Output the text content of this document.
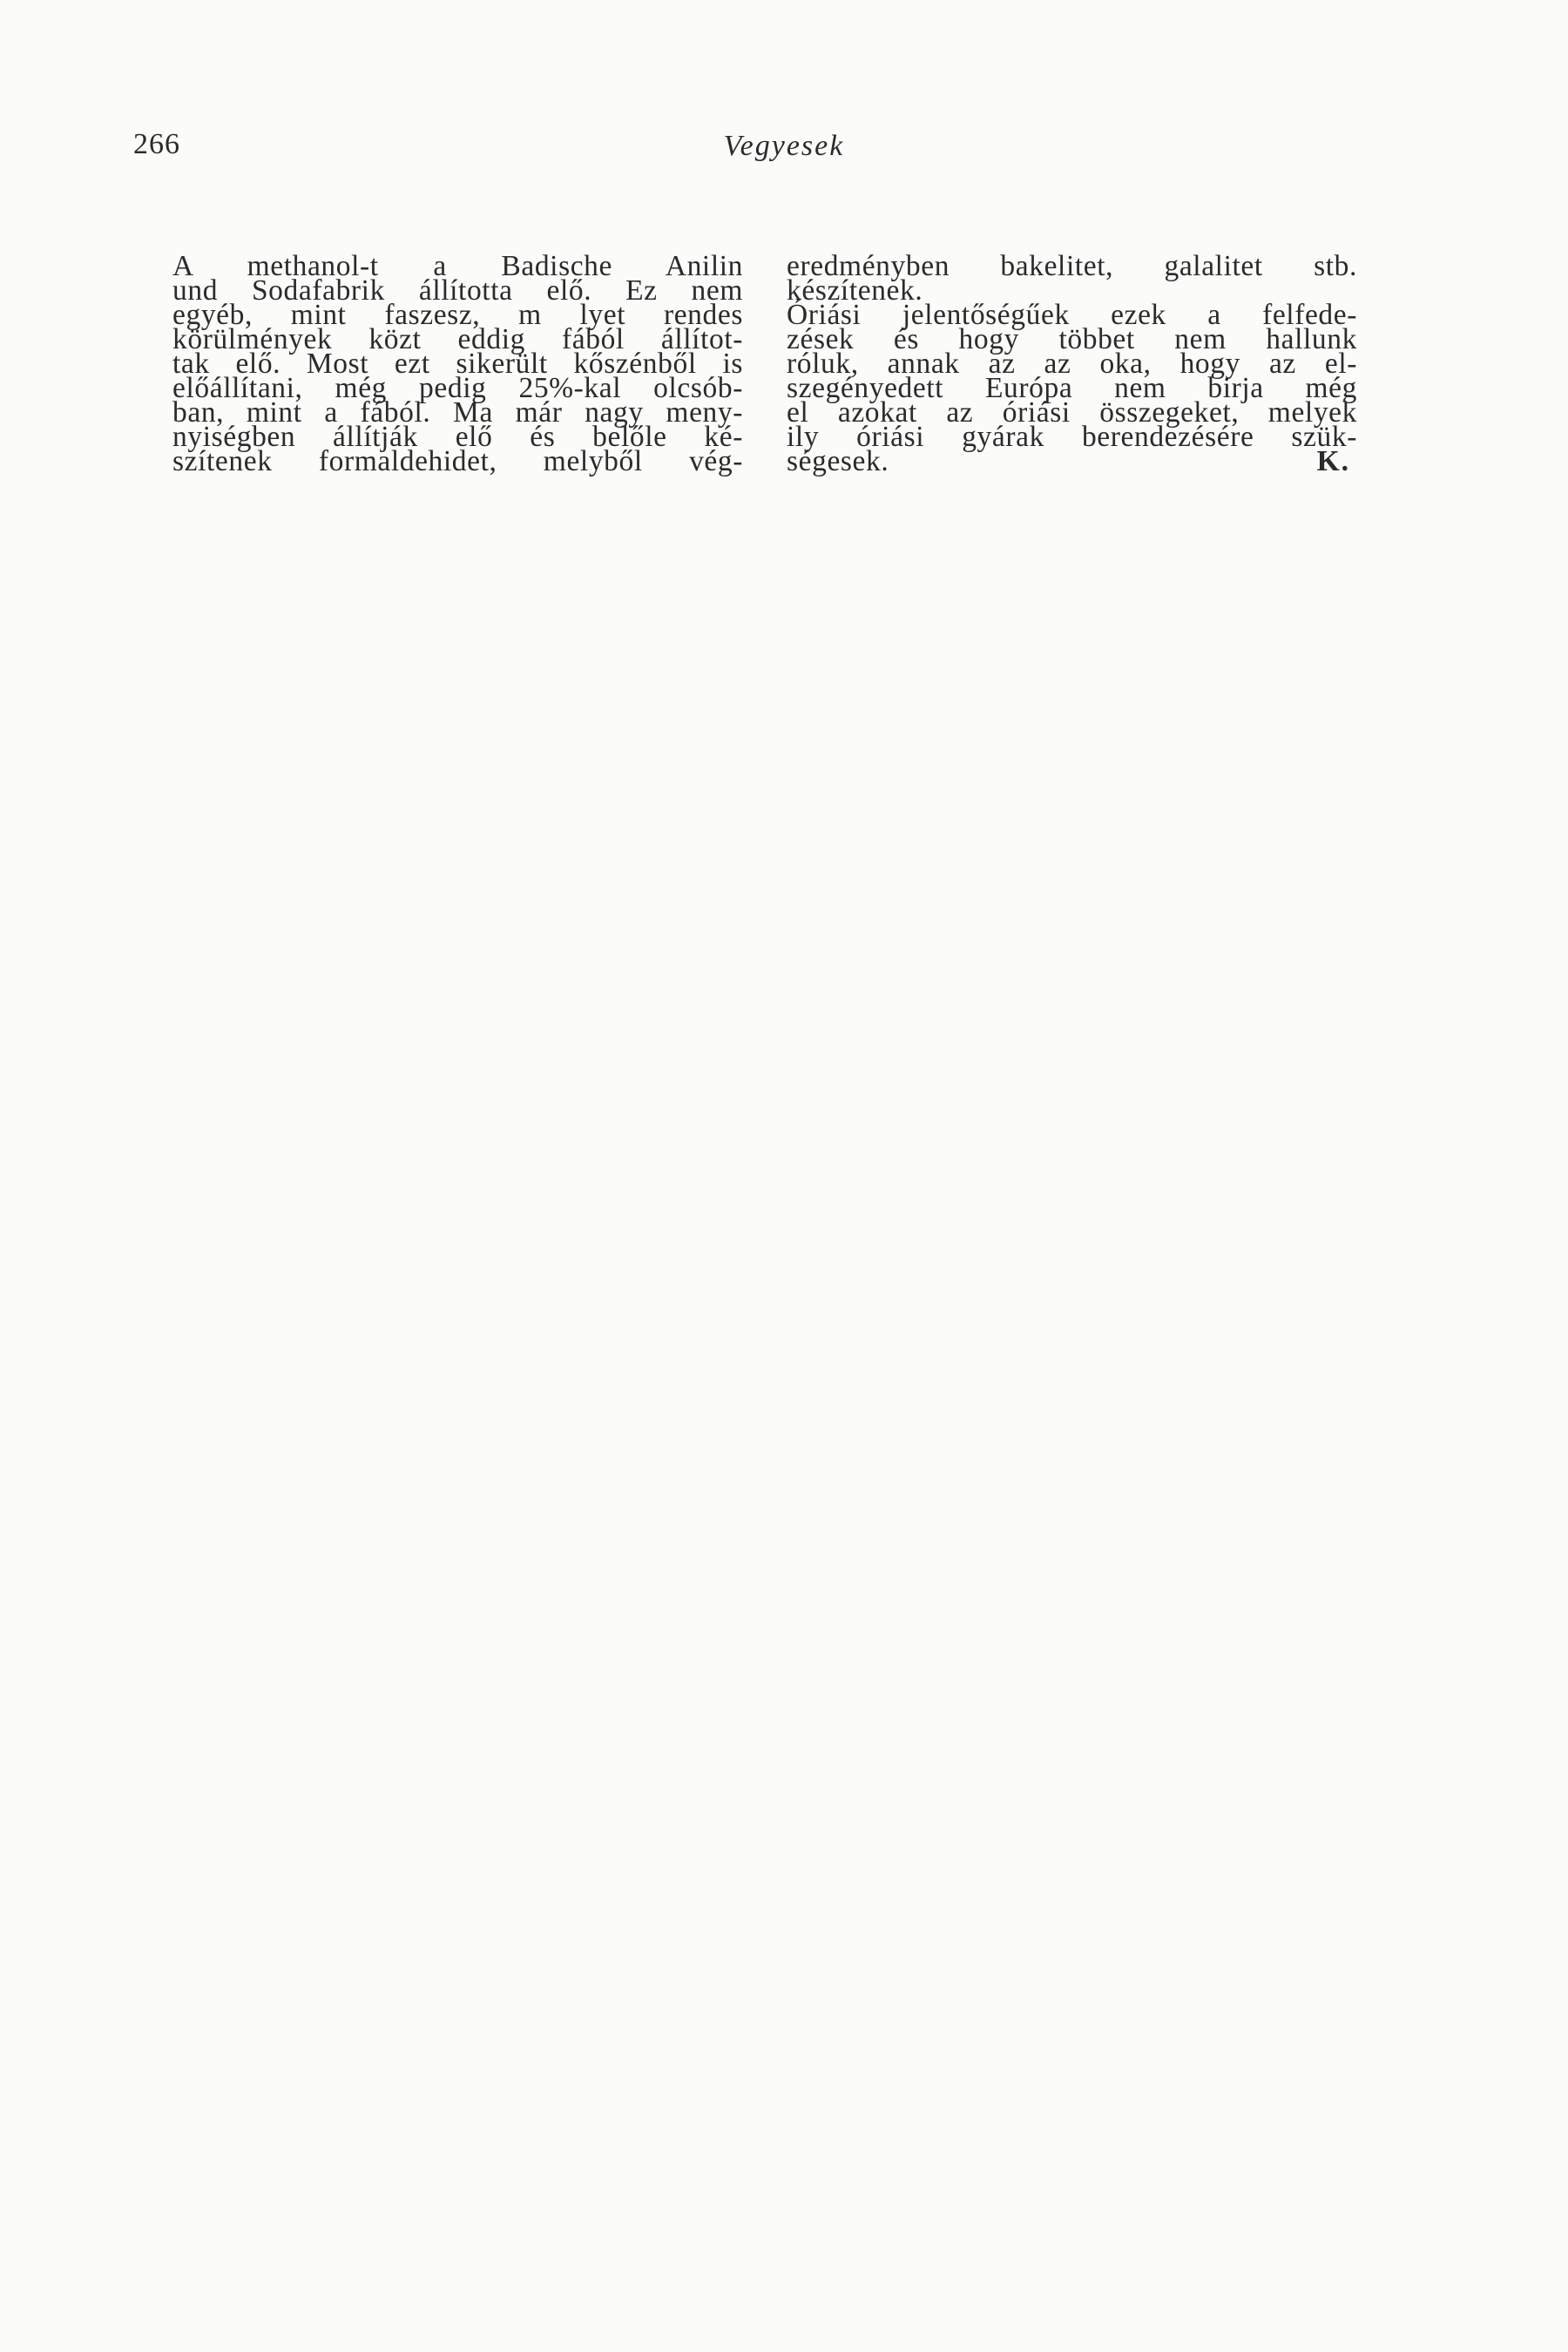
266	Vegyesek
A methanol-t a Badische Anilin
und Sodafabrik állította elő. Ez nem
egyéb, mint faszesz, m lyet rendes
körülmények közt eddig fából állítot-
tak elő. Most ezt sikerült kőszénből is
előállítani, még pedig 25%-kal olcsób-
ban, mint a fából. Ma már nagy meny-
nyiségben állítják elő és belőle ké-
szítenek formaldehidet, melyből vég-
eredményben bakelitet, galalitet stb.
készítenek.
Óriási jelentőségűek ezek a felfede-
zések és hogy többet nem hallunk
róluk, annak az az oka, hogy az el-
szegényedett Európa nem birja még
el azokat az óriási összegeket, melyek
ily óriási gyárak berendezésére szük-
ségesek.	K.
